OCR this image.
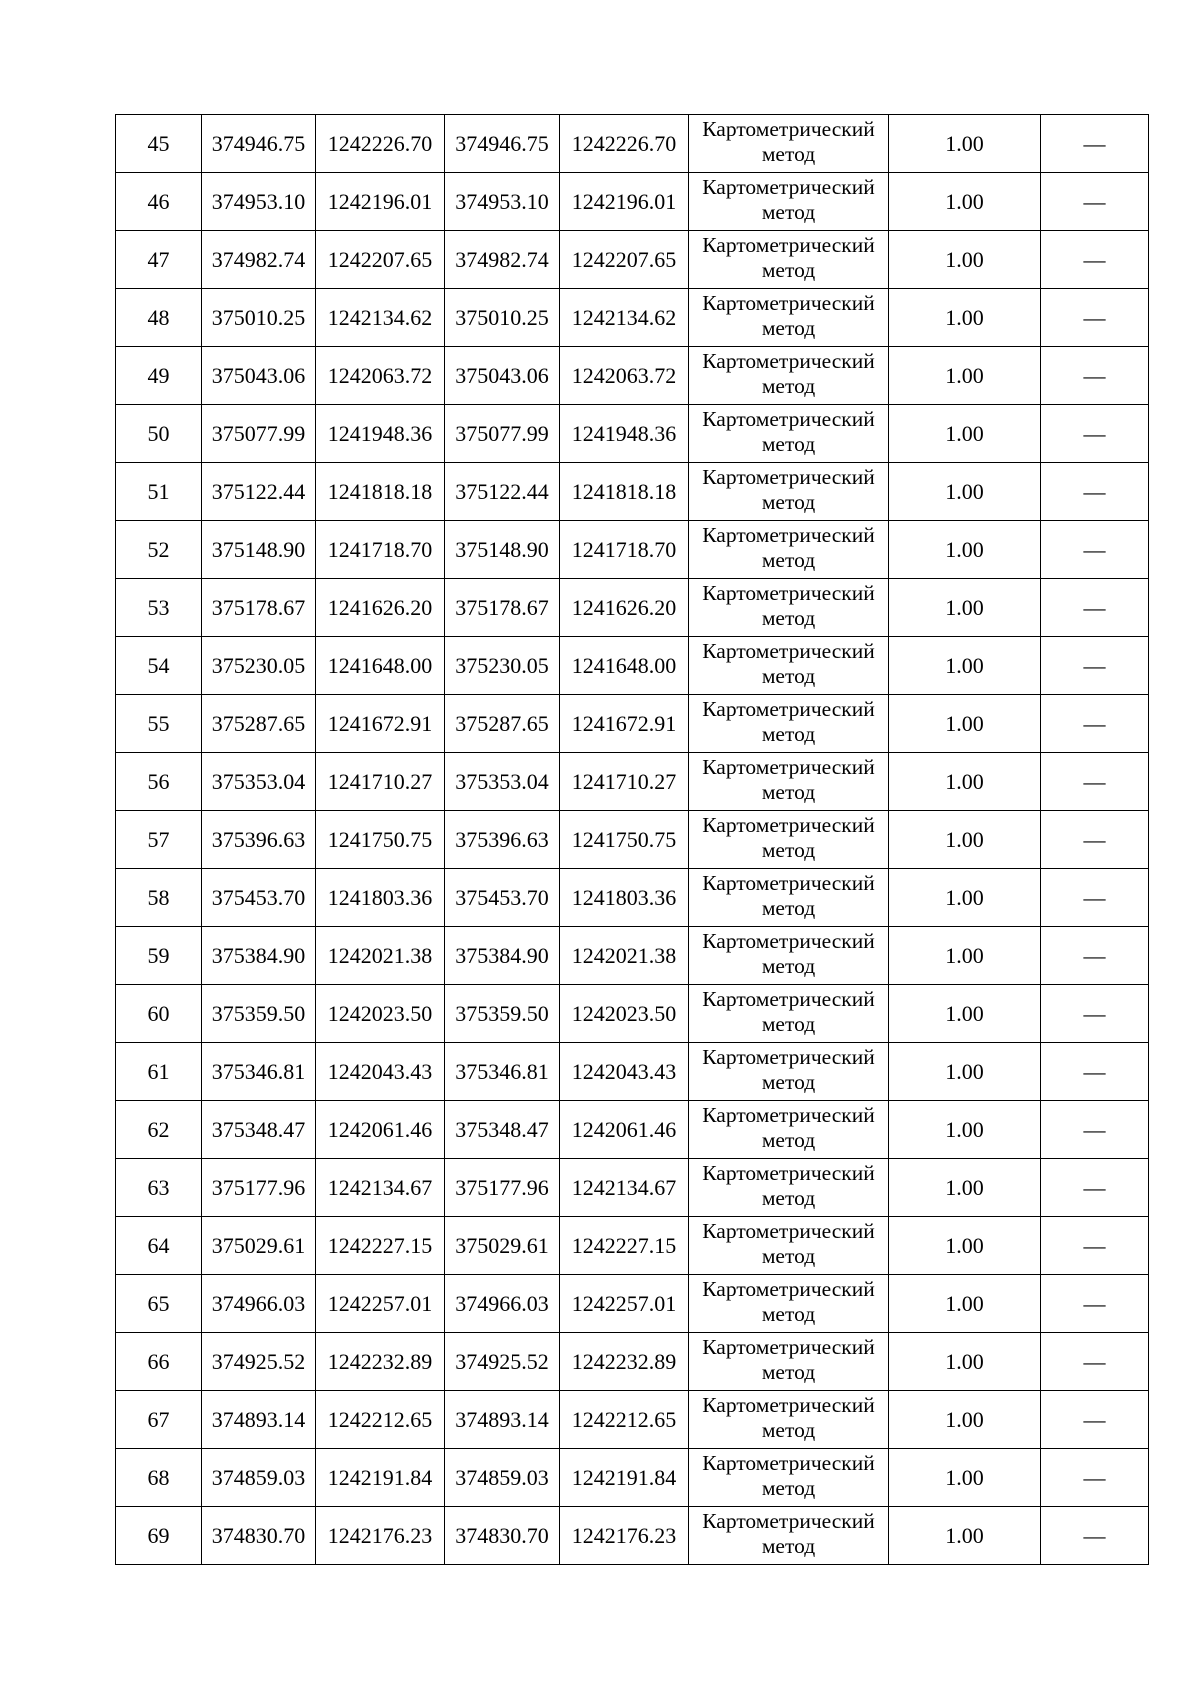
45	374946.75	1242226.70	374946.75	1242226.70	Картометрический метод	1.00	—
46	374953.10	1242196.01	374953.10	1242196.01	Картометрический метод	1.00	—
47	374982.74	1242207.65	374982.74	1242207.65	Картометрический метод	1.00	—
48	375010.25	1242134.62	375010.25	1242134.62	Картометрический метод	1.00	—
49	375043.06	1242063.72	375043.06	1242063.72	Картометрический метод	1.00	—
50	375077.99	1241948.36	375077.99	1241948.36	Картометрический метод	1.00	—
51	375122.44	1241818.18	375122.44	1241818.18	Картометрический метод	1.00	—
52	375148.90	1241718.70	375148.90	1241718.70	Картометрический метод	1.00	—
53	375178.67	1241626.20	375178.67	1241626.20	Картометрический метод	1.00	—
54	375230.05	1241648.00	375230.05	1241648.00	Картометрический метод	1.00	—
55	375287.65	1241672.91	375287.65	1241672.91	Картометрический метод	1.00	—
56	375353.04	1241710.27	375353.04	1241710.27	Картометрический метод	1.00	—
57	375396.63	1241750.75	375396.63	1241750.75	Картометрический метод	1.00	—
58	375453.70	1241803.36	375453.70	1241803.36	Картометрический метод	1.00	—
59	375384.90	1242021.38	375384.90	1242021.38	Картометрический метод	1.00	—
60	375359.50	1242023.50	375359.50	1242023.50	Картометрический метод	1.00	—
61	375346.81	1242043.43	375346.81	1242043.43	Картометрический метод	1.00	—
62	375348.47	1242061.46	375348.47	1242061.46	Картометрический метод	1.00	—
63	375177.96	1242134.67	375177.96	1242134.67	Картометрический метод	1.00	—
64	375029.61	1242227.15	375029.61	1242227.15	Картометрический метод	1.00	—
65	374966.03	1242257.01	374966.03	1242257.01	Картометрический метод	1.00	—
66	374925.52	1242232.89	374925.52	1242232.89	Картометрический метод	1.00	—
67	374893.14	1242212.65	374893.14	1242212.65	Картометрический метод	1.00	—
68	374859.03	1242191.84	374859.03	1242191.84	Картометрический метод	1.00	—
69	374830.70	1242176.23	374830.70	1242176.23	Картометрический метод	1.00	—
